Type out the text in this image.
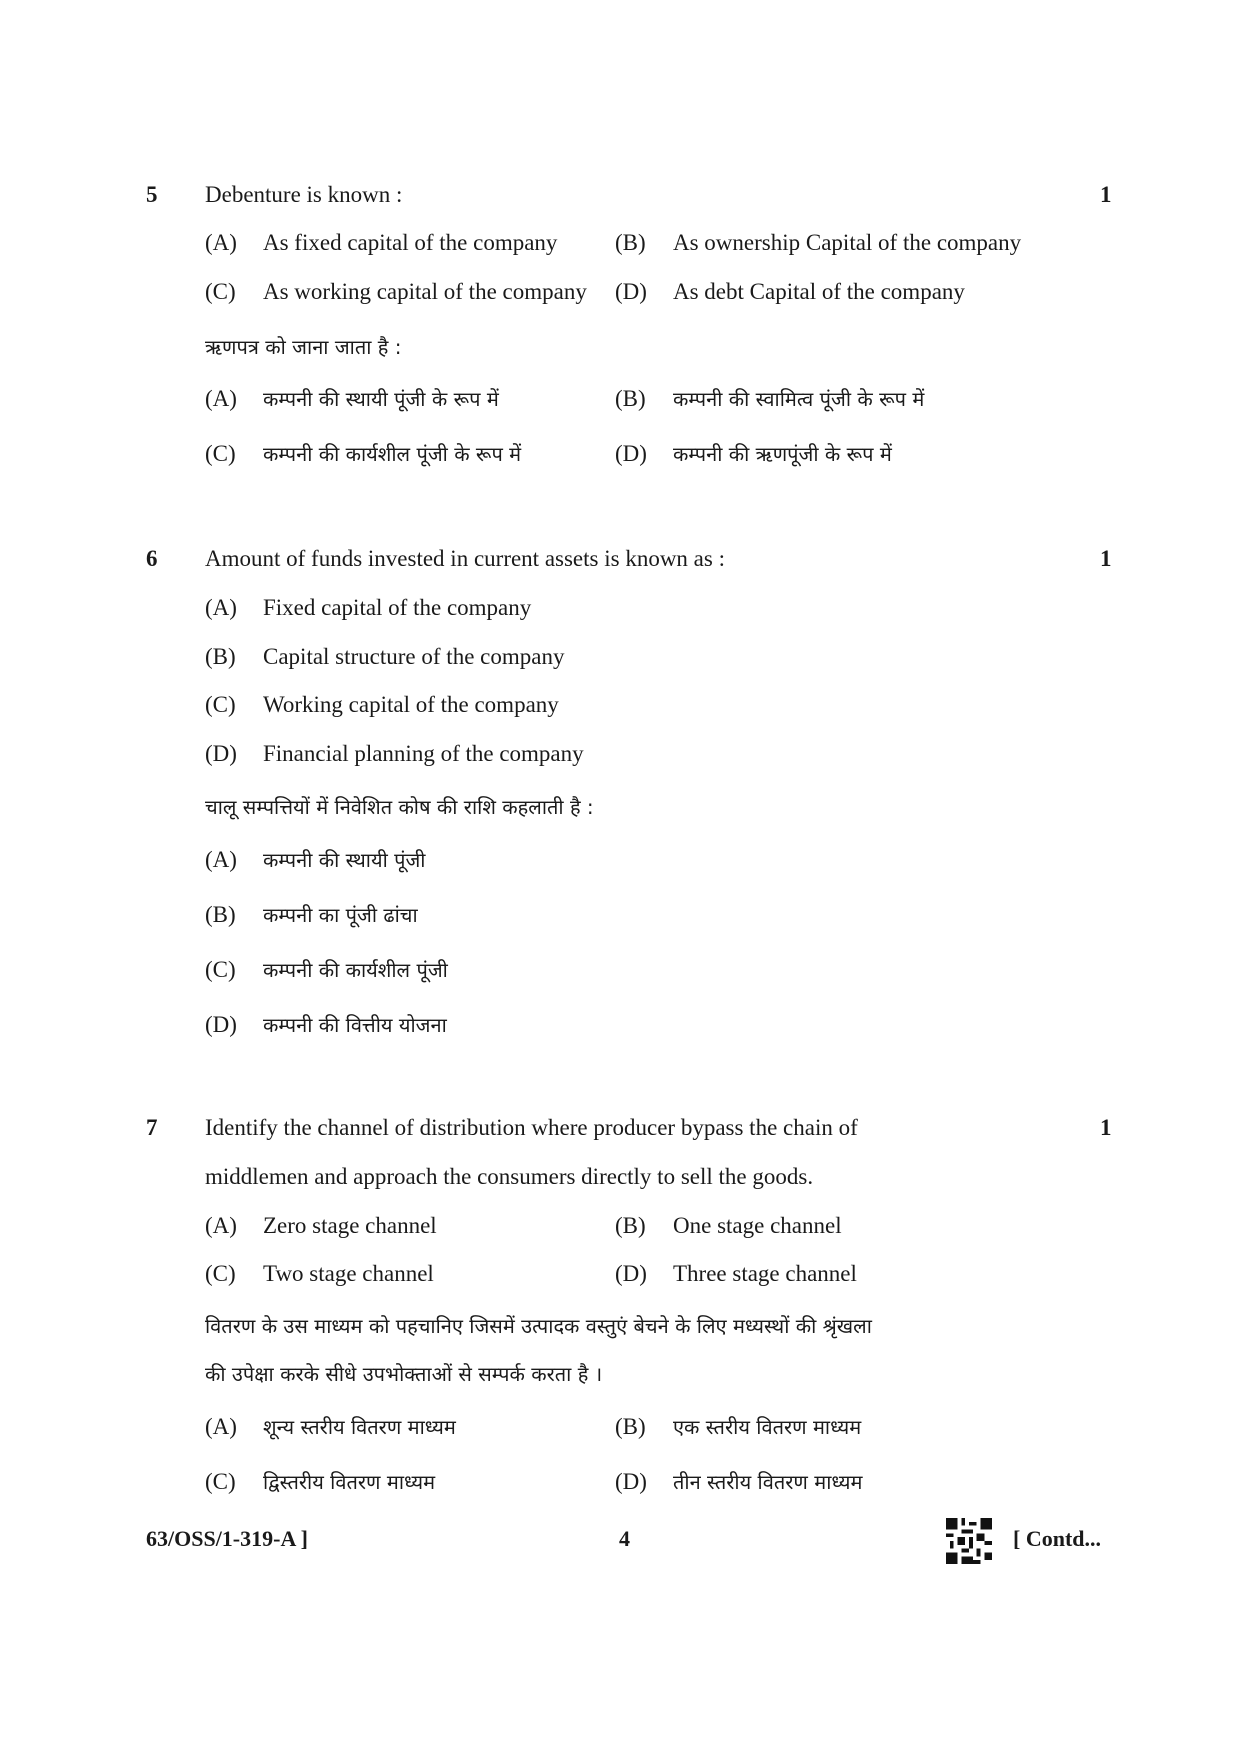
5 Debenture is known :	1
(A) As fixed capital of the company	(B) As ownership Capital of the company
(C) As working capital of the company (D) As debt Capital of the company
ऋणपत्र को जाना जाता है :
(A) कम्पनी की स्थायी पूंजी के रूप में	(B) कम्पनी की स्वामित्व पूंजी के रूप में
(C) कम्पनी की कार्यशील पूंजी के रूप में	(D) कम्पनी की ऋणपूंजी के रूप में
6 Amount of funds invested in current assets is known as :	1
(A) Fixed capital of the company
(B) Capital structure of the company
(C) Working capital of the company
(D) Financial planning of the company
चालू सम्पत्तियों में निवेशित कोष की राशि कहलाती है :
(A) कम्पनी की स्थायी पूंजी
(B) कम्पनी का पूंजी ढांचा
(C) कम्पनी की कार्यशील पूंजी
(D) कम्पनी की वित्तीय योजना
7 Identify the channel of distribution where producer bypass the chain of	1
middlemen and approach the consumers directly to sell the goods.
(A) Zero stage channel	(B) One stage channel
(C) Two stage channel	(D) Three stage channel
वितरण के उस माध्यम को पहचानिए जिसमें उत्पादक वस्तुएं बेचने के लिए मध्यस्थों की श्रृंखला
की उपेक्षा करके सीधे उपभोक्ताओं से सम्पर्क करता है ।
(A) शून्य स्तरीय वितरण माध्यम	(B) एक स्तरीय वितरण माध्यम
(C) द्विस्तरीय वितरण माध्यम	(D) तीन स्तरीय वितरण माध्यम
63/OSS/1-319-A ]	4	[ Contd...
